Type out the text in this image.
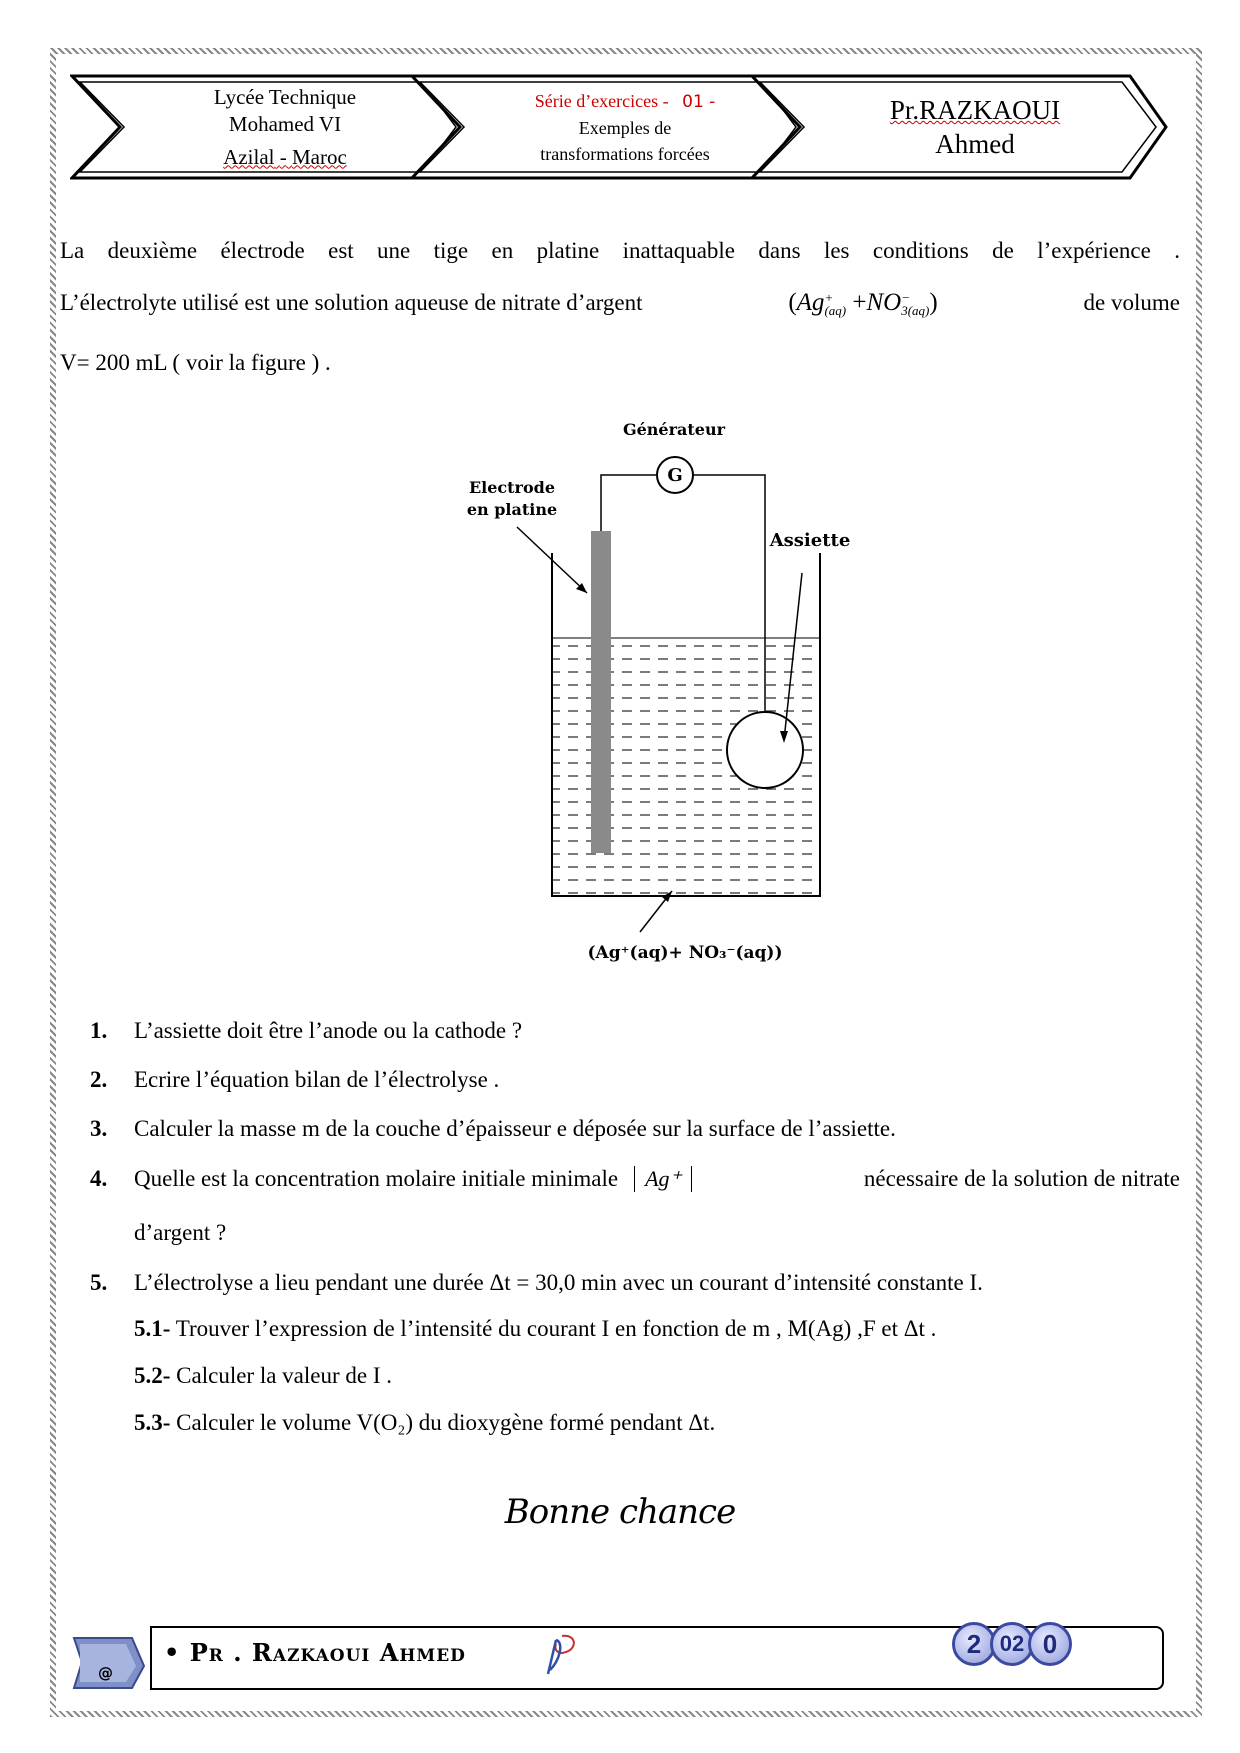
Lycée Technique
Mohamed VI
Azilal - Maroc
Série d’exercices - 01 -
Exemples de
transformations forcées
Pr.RAZKAOUI
Ahmed
La deuxième électrode est une tige en platine inattaquable dans les conditions de l’expérience .
L’électrolyte utilisé est une solution aqueuse de nitrate d’argent	(Ag +
(aq) +NO −
3(aq) )	de volume
V= 200 mL ( voir la figure ) .
G
Générateur
Electrode
en platine
Assiette
(Ag⁺(aq)+ NO₃⁻(aq))
1. L’assiette doit être l’anode ou la cathode ?
2. Ecrire l’équation bilan de l’électrolyse .
3. Calculer la masse m de la couche d’épaisseur e déposée sur la surface de l’assiette.
4.	Quelle est la concentration molaire initiale minimale	Ag⁺	nécessaire de la solution de nitrate
d’argent ?
5. L’électrolyse a lieu pendant une durée Δt = 30,0 min avec un courant d’intensité constante I.
5.1- Trouver l’expression de l’intensité du courant I en fonction de m , M(Ag) ,F et Δt .
5.2- Calculer la valeur de I .
5.3- Calculer le volume V(O₂) du dioxygène formé pendant Δt.
Bonne chance
@
• Pr . Razkaoui Ahmed	2 02 0
